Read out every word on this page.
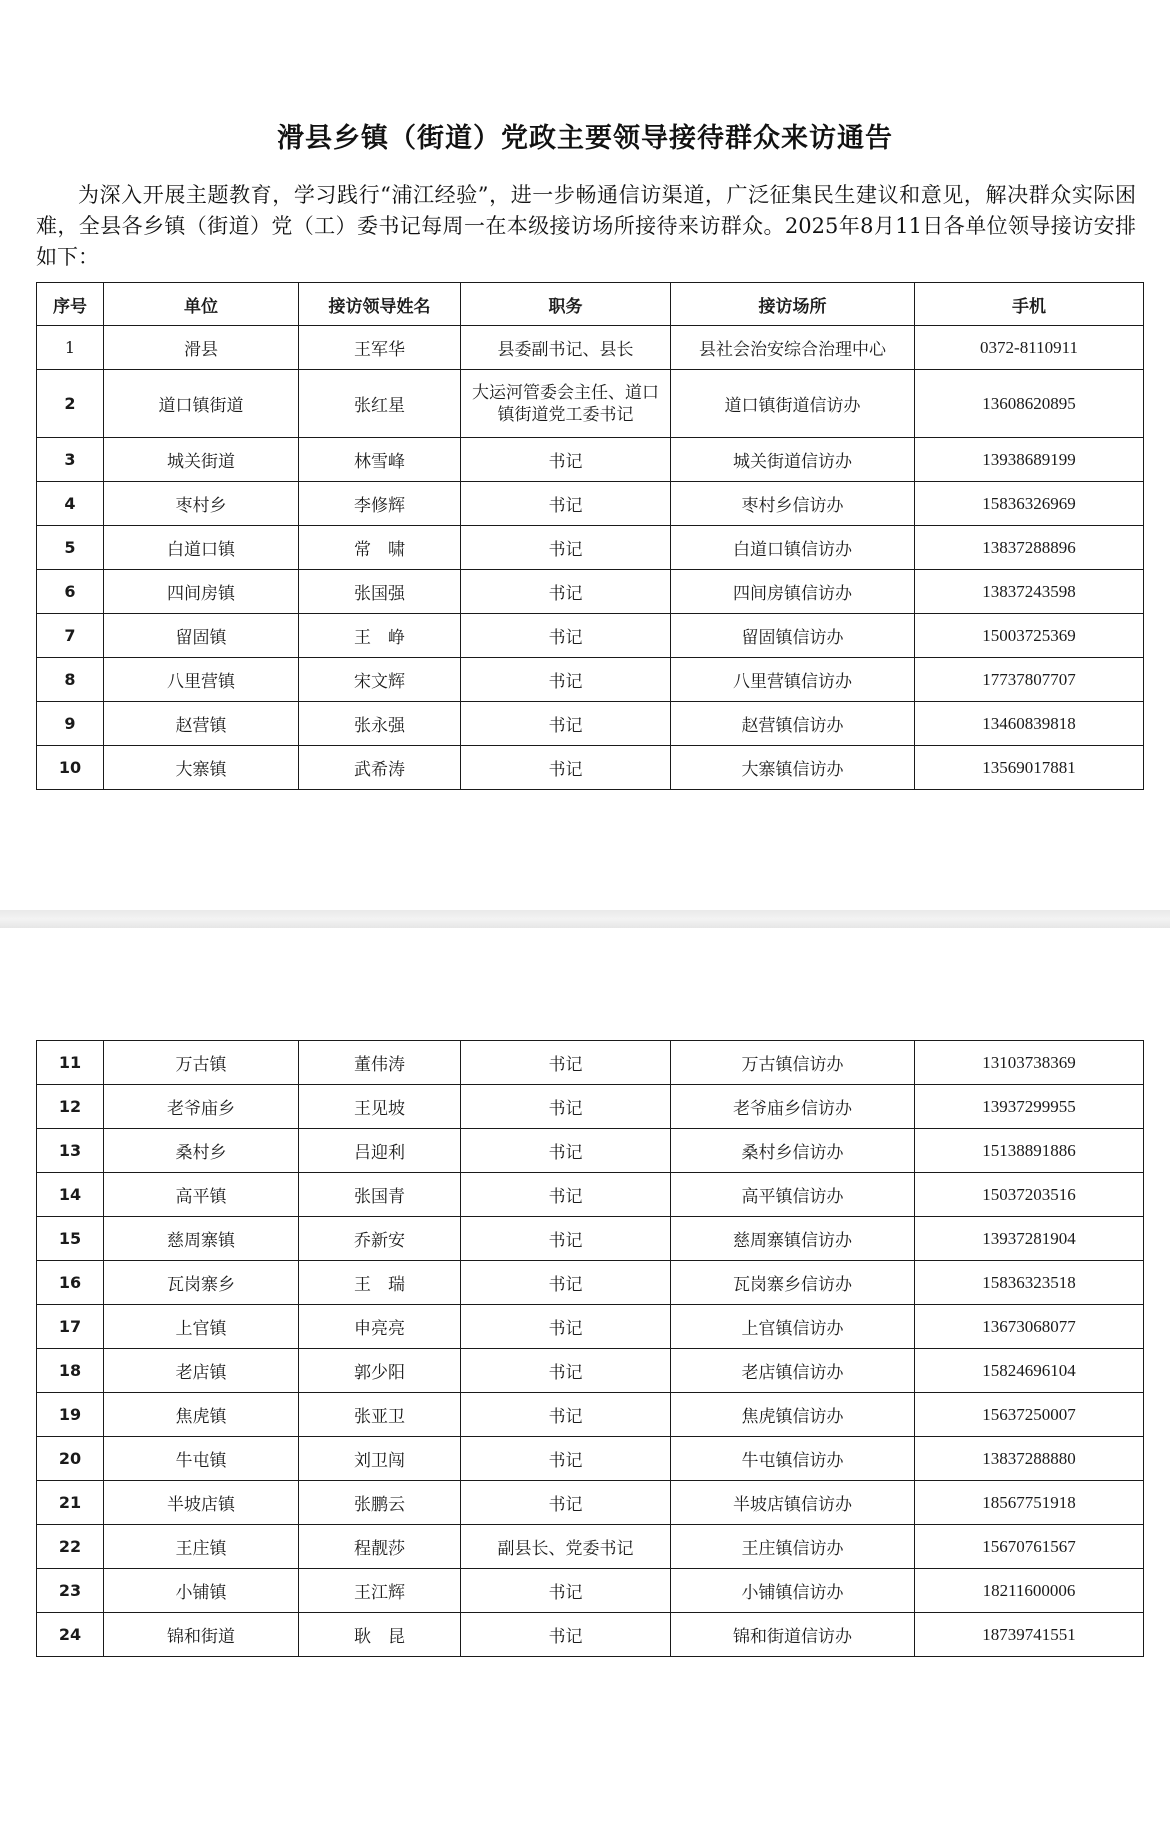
滑县乡镇（街道）党政主要领导接待群众来访通告
为深入开展主题教育，学习践行“浦江经验”，进一步畅通信访渠道，广泛征集民生建议和意见，解决群众实际困难，全县各乡镇（街道）党（工）委书记每周一在本级接访场所接待来访群众。2025年8月11日各单位领导接访安排如下：
序号	单位	接访领导姓名	职务	接访场所	手机
1	滑县	王军华	县委副书记、县长	县社会治安综合治理中心	0372-8110911
2	道口镇街道	张红星	大运河管委会主任、道口镇街道党工委书记	道口镇街道信访办	13608620895
3	城关街道	林雪峰	书记	城关街道信访办	13938689199
4	枣村乡	李修辉	书记	枣村乡信访办	15836326969
5	白道口镇	常　啸	书记	白道口镇信访办	13837288896
6	四间房镇	张国强	书记	四间房镇信访办	13837243598
7	留固镇	王　峥	书记	留固镇信访办	15003725369
8	八里营镇	宋文辉	书记	八里营镇信访办	17737807707
9	赵营镇	张永强	书记	赵营镇信访办	13460839818
10	大寨镇	武希涛	书记	大寨镇信访办	13569017881
11	万古镇	董伟涛	书记	万古镇信访办	13103738369
12	老爷庙乡	王见坡	书记	老爷庙乡信访办	13937299955
13	桑村乡	吕迎利	书记	桑村乡信访办	15138891886
14	高平镇	张国青	书记	高平镇信访办	15037203516
15	慈周寨镇	乔新安	书记	慈周寨镇信访办	13937281904
16	瓦岗寨乡	王　瑞	书记	瓦岗寨乡信访办	15836323518
17	上官镇	申亮亮	书记	上官镇信访办	13673068077
18	老店镇	郭少阳	书记	老店镇信访办	15824696104
19	焦虎镇	张亚卫	书记	焦虎镇信访办	15637250007
20	牛屯镇	刘卫闯	书记	牛屯镇信访办	13837288880
21	半坡店镇	张鹏云	书记	半坡店镇信访办	18567751918
22	王庄镇	程靓莎	副县长、党委书记	王庄镇信访办	15670761567
23	小铺镇	王江辉	书记	小铺镇信访办	18211600006
24	锦和街道	耿　昆	书记	锦和街道信访办	18739741551
